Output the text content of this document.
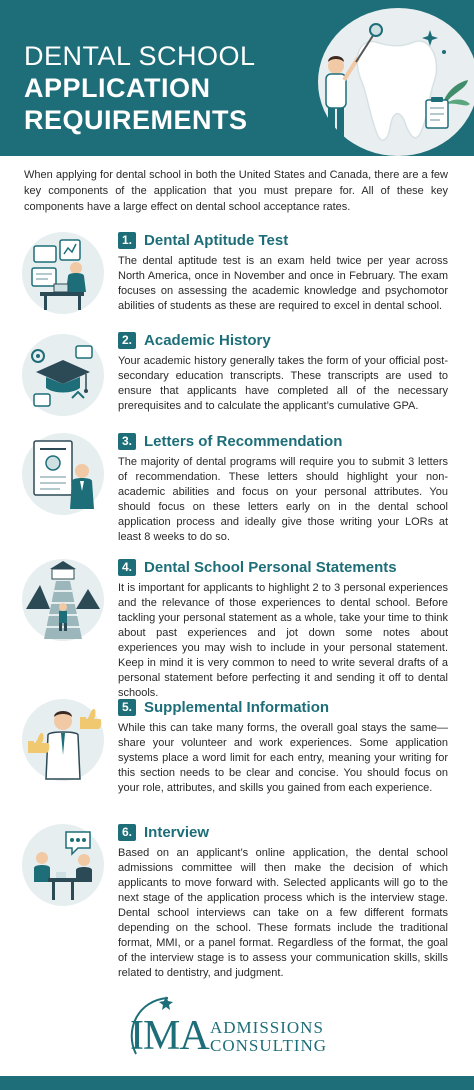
DENTAL SCHOOL
APPLICATION
REQUIREMENTS

When applying for dental school in both the United States and Canada, there are a few key components of the application that you must prepare for. All of these key components have a large effect on dental school acceptance rates.

1. Dental Aptitude Test

The dental aptitude test is an exam held twice per year across North America, once in November and once in February. The exam focuses on assessing the academic knowledge and psychomotor abilities of students as these are required to excel in dental school.

2. Academic History

Your academic history generally takes the form of your official post-secondary education transcripts. These transcripts are used to ensure that applicants have completed all of the necessary prerequisites and to calculate the applicant’s cumulative GPA.

3. Letters of Recommendation

The majority of dental programs will require you to submit 3 letters of recommendation. These letters should highlight your non-academic abilities and focus on your personal attributes. You should focus on these letters early on in the dental school application process and ideally give those writing your LORs at least 8 weeks to do so.

4. Dental School Personal Statements

It is important for applicants to highlight 2 to 3 personal experiences and the relevance of those experiences to dental school. Before tackling your personal statement as a whole, take your time to think about past experiences and jot down some notes about experiences you may wish to include in your personal statement. Keep in mind it is very common to need to write several drafts of a personal statement before perfecting it and sending it off to dental schools.

5. Supplemental Information

While this can take many forms, the overall goal stays the same—share your volunteer and work experiences. Some application systems place a word limit for each entry, meaning your writing for this section needs to be clear and concise. You should focus on your role, attributes, and skills you gained from each experience.

6. Interview

Based on an applicant’s online application, the dental school admissions committee will then make the decision of which applicants to move forward with. Selected applicants will go to the next stage of the application process which is the interview stage. Dental school interviews can take on a few different formats depending on the school. These formats include the traditional format, MMI, or a panel format. Regardless of the format, the goal of the interview stage is to assess your communication skills, skills related to dentistry, and judgment.

IMA ADMISSIONS
CONSULTING
